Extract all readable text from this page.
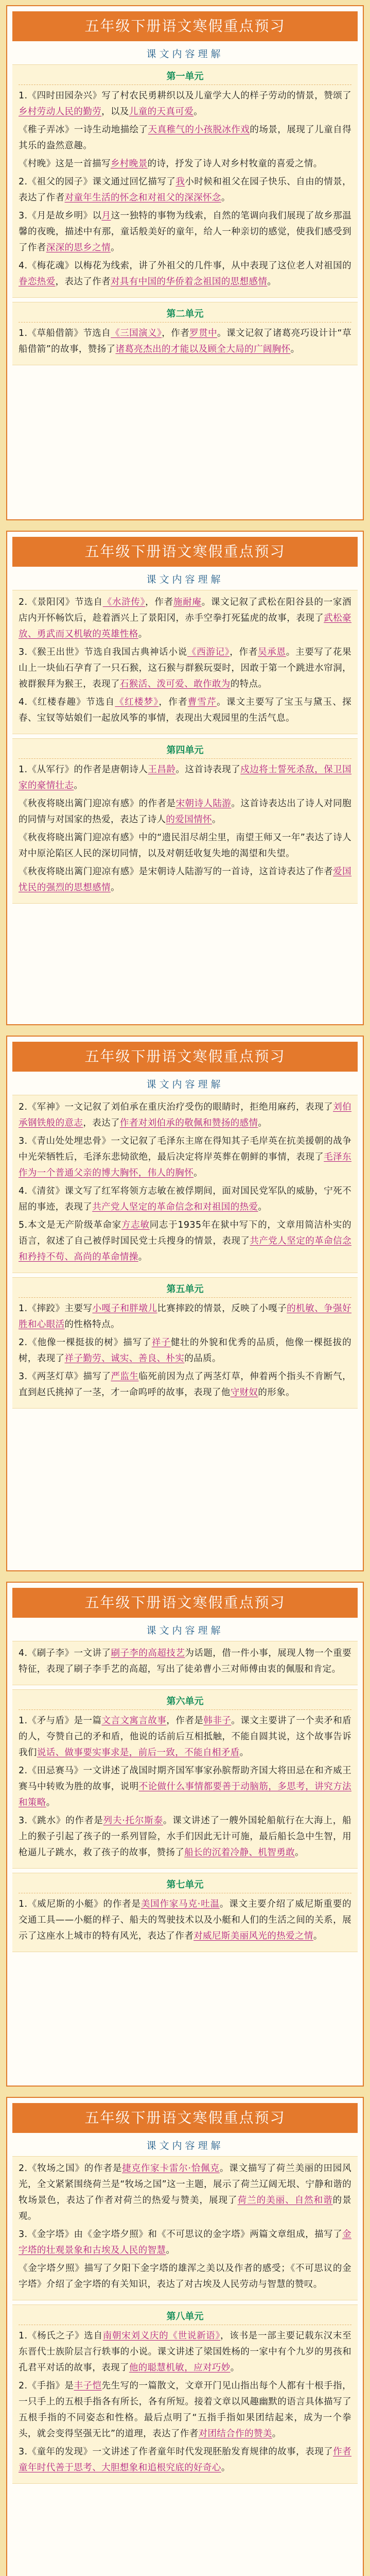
五年级下册语文寒假重点预习
课文内容理解
第一单元
1.《四时田园杂兴》写了村农民勇耕织以及儿童学大人的样子劳动的情景，赞颂了乡村劳动人民的勤劳，以及儿童的天真可爱。
《稚子弄冰》一诗生动地描绘了天真稚气的小孩脱冰作戏的场景，展现了儿童自得其乐的盎然意趣。
《村晚》这是一首描写乡村晚景的诗，抒发了诗人对乡村牧童的喜爱之情。
2.《祖父的园子》课文通过回忆描写了我小时候和祖父在园子快乐、自由的情景，表达了作者对童年生活的怀念和对祖父的深深怀念。
3.《月是故乡明》以月这一独特的事物为线索，自然的笔调向我们展现了故乡那温馨的夜晚，描述中有那，童话般美好的童年，给人一种亲切的感觉，使我们感受到了作者深深的思乡之情。
4.《梅花魂》以梅花为线索，讲了外祖父的几件事，从中表现了这位老人对祖国的眷恋热爱，表达了作者对具有中国的华侨着念祖国的思想感情。
第二单元
1.《草船借箭》节选自《三国演义》，作者罗贯中。课文记叙了诸葛亮巧设计计“草船借箭”的故事，赞扬了诸葛亮杰出的才能以及顾全大局的广阔胸怀。
五年级下册语文寒假重点预习
课文内容理解
2.《景阳冈》节选自《水浒传》，作者施耐庵。课文记叙了武松在阳谷县的一家酒店内开怀畅饮后，趁着酒兴上了景阳冈，赤手空拳打死猛虎的故事，表现了武松豪放、勇武而又机敏的英雄性格。
3.《猴王出世》节选自我国古典神话小说《西游记》，作者吴承恩。主要写了花果山上一块仙石孕育了一只石猴，这石猴与群猴玩耍时，因敢于第一个跳进水帘洞，被群猴拜为猴王，表现了石猴活、泼可爱、敢作敢为的特点。
4.《红楼春趣》节选自《红楼梦》，作者曹雪芹。课文主要写了宝玉与黛玉、探春、宝钗等姑娘们一起放风筝的事情，表现出大观园里的生活气息。
第四单元
1.《从军行》的作者是唐朝诗人王昌龄。这首诗表现了戍边将士誓死杀敌，保卫国家的豪情壮志。
《秋夜将晓出篱门迎凉有感》的作者是宋朝诗人陆游。这首诗表达出了诗人对同胞的同情与对国家的热爱，表达了诗人的爱国情怀。
《秋夜将晓出篱门迎凉有感》中的“遗民泪尽胡尘里，南望王师又一年”表达了诗人对中原沦陷区人民的深切同情，以及对朝廷收复失地的渴望和失望。
《秋夜将晓出篱门迎凉有感》是宋朝诗人陆游写的一首诗，这首诗表达了作者爱国忧民的强烈的思想感情。
五年级下册语文寒假重点预习
课文内容理解
2.《军神》一文记叙了刘伯承在重庆治疗受伤的眼睛时，拒绝用麻药，表现了刘伯承钢铁般的意志，表达了作者对刘伯承的敬佩和赞扬的感情。
3.《青山处处埋忠骨》一文记叙了毛泽东主席在得知其子毛岸英在抗美援朝的战争中光荣牺牲后，毛泽东悲恸欲绝，最后决定将岸英葬在朝鲜的事情，表现了毛泽东作为一个普通父亲的博大胸怀，伟人的胸怀。
4.《清贫》课文写了红军将领方志敏在被俘期间，面对国民党军队的威胁，宁死不屈的事迹，表现了共产党人坚定的革命信念和对祖国的热爱。
5.本文是无产阶级革命家方志敏同志于1935年在狱中写下的，文章用简洁朴实的语言，叙述了自己被俘时国民党士兵搜身的情景，表现了共产党人坚定的革命信念和矜持不苟、高尚的革命情操。
第五单元
1.《摔跤》主要写小嘎子和胖墩儿比赛摔跤的情景，反映了小嘎子的机敏、争强好胜和心眼活的性格特点。
2.《他像一棵挺拔的树》描写了祥子健壮的外貌和优秀的品质，他像一棵挺拔的树，表现了祥子勤劳、诚实、善良、朴实的品质。
3.《两茎灯草》描写了严监生临死前因为点了两茎灯草，伸着两个指头不肯断气，直到赵氏挑掉了一茎，才一命呜呼的故事，表现了他守财奴的形象。
五年级下册语文寒假重点预习
课文内容理解
4.《刷子李》一文讲了刷子李的高超技艺为话题，借一件小事，展现人物一个重要特征，表现了刷子李手艺的高超，写出了徒弟曹小三对师傅由衷的佩服和肯定。
第六单元
1.《矛与盾》是一篇文言文寓言故事，作者是韩非子。课文主要讲了一个卖矛和盾的人，夸赞自己的矛和盾，他说的话前后互相抵触，不能自圆其说，这个故事告诉我们说话、做事要实事求是，前后一致，不能自相矛盾。
2.《田忌赛马》一文讲述了战国时期齐国军事家孙膑帮助齐国大将田忌在和齐威王赛马中转败为胜的故事，说明不论做什么事情都要善于动脑筋，多思考，讲究方法和策略。
3.《跳水》的作者是列夫·托尔斯泰。课文讲述了一艘外国轮船航行在大海上，船上的猴子引起了孩子的一系列冒险，水手们因此无计可施，最后船长急中生智，用枪逼儿子跳水，救了孩子的故事，赞扬了船长的沉着冷静、机智勇敢。
第七单元
1.《威尼斯的小艇》的作者是美国作家马克·吐温。课文主要介绍了威尼斯重要的交通工具——小艇的样子、船夫的驾驶技术以及小艇和人们的生活之间的关系，展示了这座水上城市的特有风光，表达了作者对威尼斯美丽风光的热爱之情。
五年级下册语文寒假重点预习
课文内容理解
2.《牧场之国》的作者是捷克作家卡雷尔·恰佩克。课文描写了荷兰美丽的田园风光，全文紧紧围绕荷兰是“牧场之国”这一主题，展示了荷兰辽阔无垠、宁静和谐的牧场景色，表达了作者对荷兰的热爱与赞美，展现了荷兰的美丽、自然和谐的景观。
3.《金字塔》由《金字塔夕照》和《不可思议的金字塔》两篇文章组成，描写了金字塔的壮观景象和古埃及人民的智慧。
《金字塔夕照》描写了夕阳下金字塔的雄浑之美以及作者的感受；《不可思议的金字塔》介绍了金字塔的有关知识，表达了对古埃及人民劳动与智慧的赞叹。
第八单元
1.《杨氏之子》选自南朝宋刘义庆的《世说新语》，该书是一部主要记载东汉末至东晋代士族阶层言行轶事的小说。课文讲述了梁国姓杨的一家中有个九岁的男孩和孔君平对话的故事，表现了他的聪慧机敏，应对巧妙。
2.《手指》是丰子恺先生写的一篇散文，文章开门见山指出每个人都有十根手指，一只手上的五根手指各有所长，各有所短。接着文章以风趣幽默的语言具体描写了五根手指的不同姿态和性格。最后点明了“五指手指如果团结起来，成为一个拳头，就会变得坚强无比”的道理，表达了作者对团结合作的赞美。
3.《童年的发现》一文讲述了作者童年时代发现胚胎发育规律的故事，表现了作者童年时代善于思考、大胆想象和追根究底的好奇心。
